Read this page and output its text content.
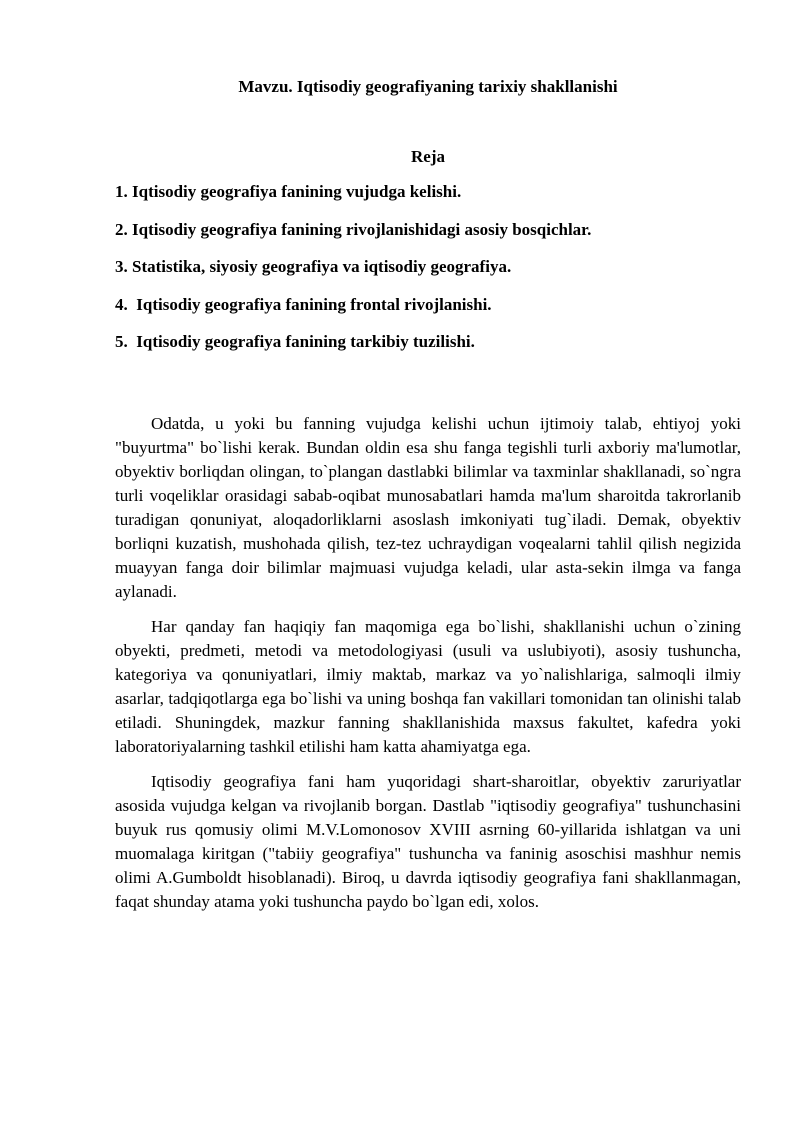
Mavzu. Iqtisodiy geografiyaning tarixiy shakllanishi
Reja
1. Iqtisodiy geografiya fanining vujudga kelishi.
2. Iqtisodiy geografiya fanining rivojlanishidagi asosiy bosqichlar.
3. Statistika, siyosiy geografiya va iqtisodiy geografiya.
4.  Iqtisodiy geografiya fanining frontal rivojlanishi.
5.  Iqtisodiy geografiya fanining tarkibiy tuzilishi.

Odatda, u yoki bu fanning vujudga kelishi uchun ijtimoiy talab, ehtiyoj yoki "buyurtma" bo`lishi kerak. Bundan oldin esa shu fanga tegishli turli axboriy ma'lumotlar, obyektiv borliqdan olingan, to`plangan dastlabki bilimlar va taxminlar shakllanadi, so`ngra turli voqeliklar orasidagi sabab-oqibat munosabatlari hamda ma'lum sharoitda takrorlanib turadigan qonuniyat, aloqadorliklarni asoslash imkoniyati tug`iladi. Demak, obyektiv borliqni kuzatish, mushohada qilish, tez-tez uchraydigan voqealarni tahlil qilish negizida muayyan fanga doir bilimlar majmuasi vujudga keladi, ular asta-sekin ilmga va fanga aylanadi.

Har qanday fan haqiqiy fan maqomiga ega bo`lishi, shakllanishi uchun o`zining obyekti, predmeti, metodi va metodologiyasi (usuli va uslubiyoti), asosiy tushuncha, kategoriya va qonuniyatlari, ilmiy maktab, markaz va yo`nalishlariga, salmoqli ilmiy asarlar, tadqiqotlarga ega bo`lishi va uning boshqa fan vakillari tomonidan tan olinishi talab etiladi. Shuningdek, mazkur fanning shakllanishida maxsus fakultet, kafedra yoki laboratoriyalarning tashkil etilishi ham katta ahamiyatga ega.

Iqtisodiy geografiya fani ham yuqoridagi shart-sharoitlar, obyektiv zaruriyatlar asosida vujudga kelgan va rivojlanib borgan. Dastlab "iqtisodiy geografiya" tushunchasini buyuk rus qomusiy olimi M.V.Lomonosov XVIII asrning 60-yillarida ishlatgan va uni muomalaga kiritgan ("tabiiy geografiya" tushuncha va faninig asoschisi mashhur nemis olimi A.Gumboldt hisoblanadi). Biroq, u davrda iqtisodiy geografiya fani shakllanmagan, faqat shunday atama yoki tushuncha paydo bo`lgan edi, xolos.
